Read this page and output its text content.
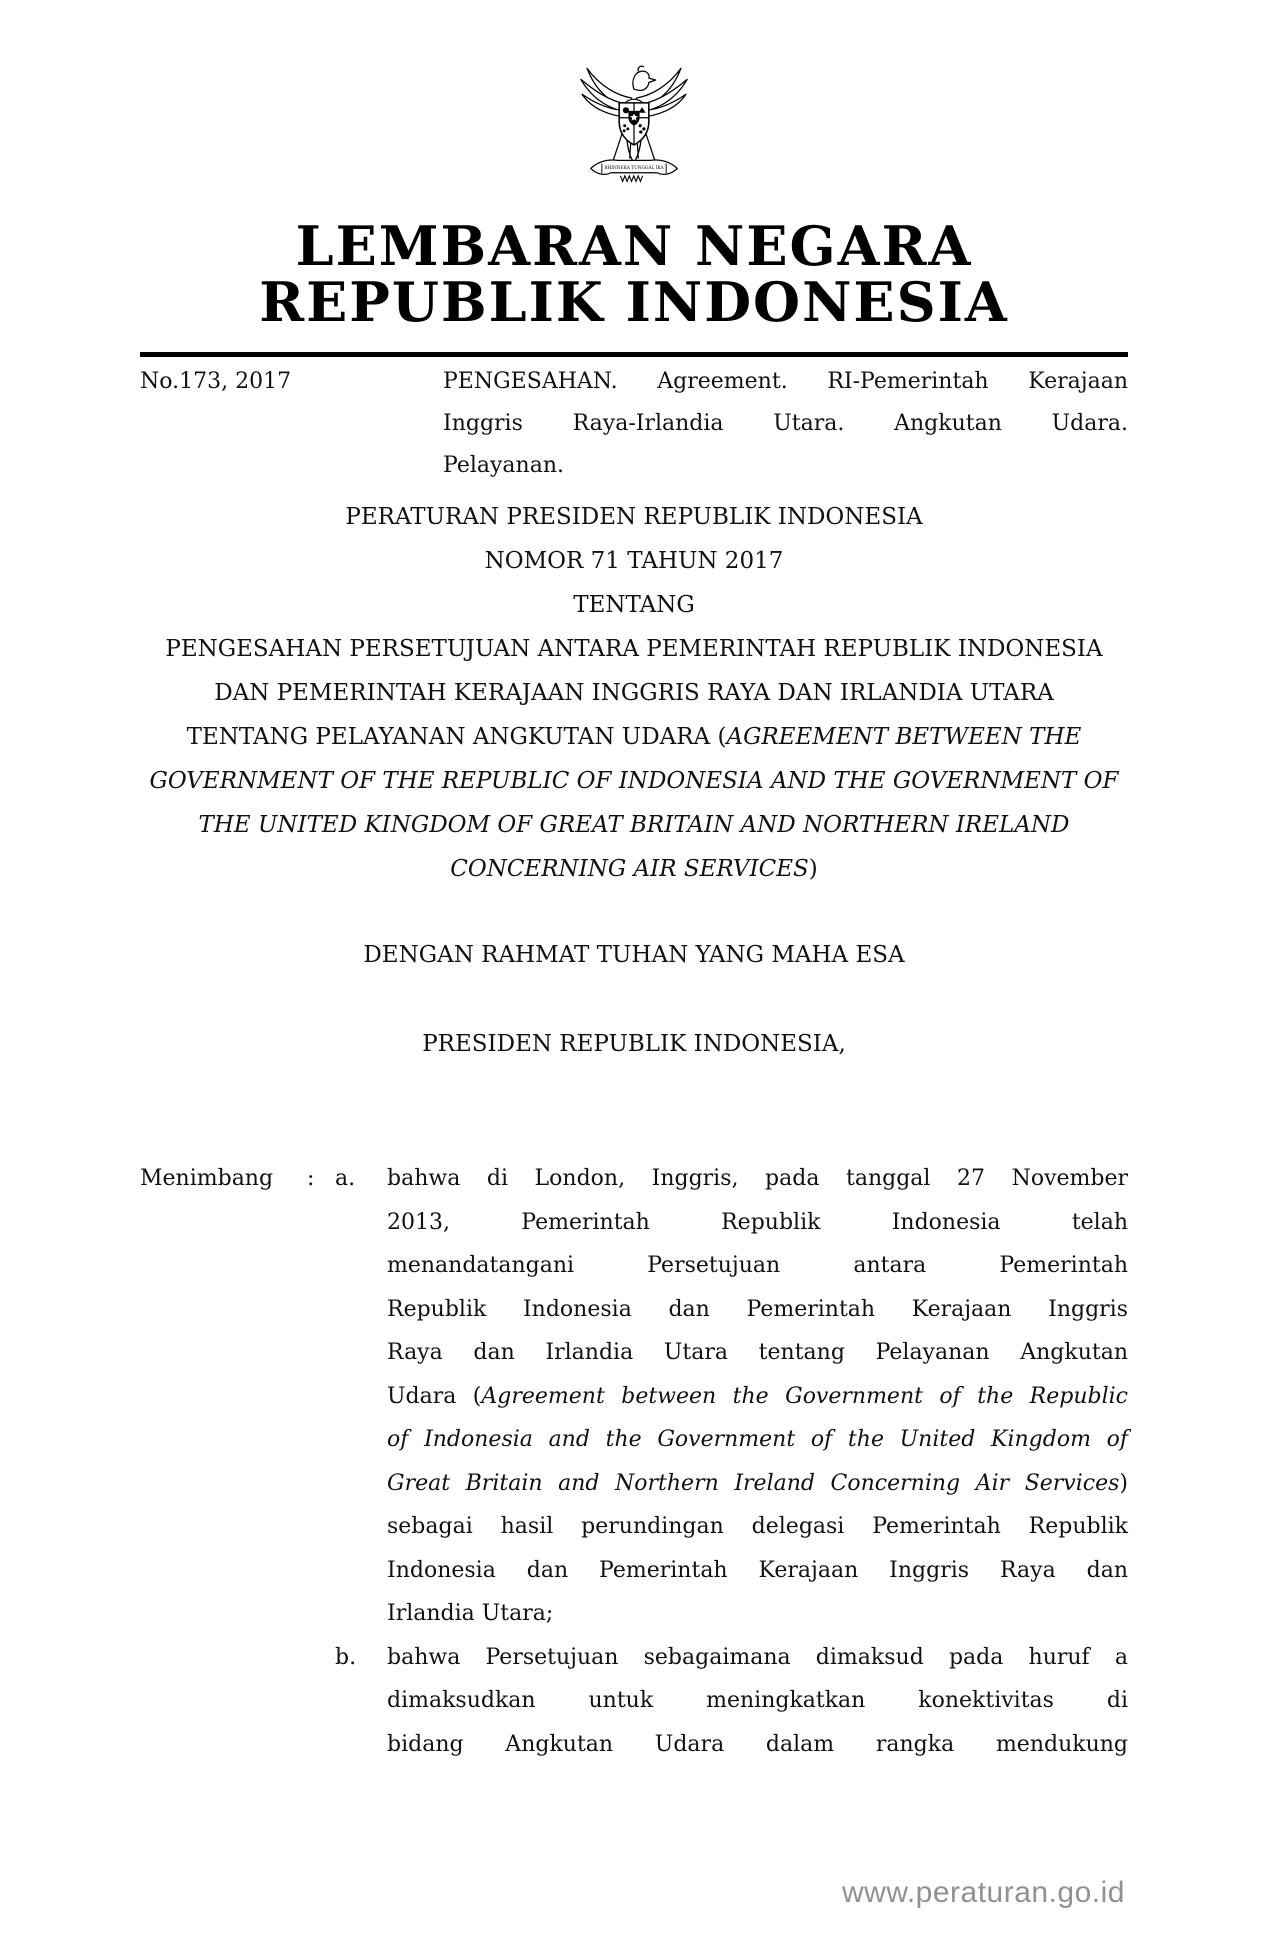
BHINNEKA TUNGGAL IKA
LEMBARAN NEGARA
REPUBLIK INDONESIA
No.173, 2017	PENGESAHAN. Agreement. RI-Pemerintah Kerajaan
Inggris Raya-Irlandia Utara. Angkutan Udara.
Pelayanan.
PERATURAN PRESIDEN REPUBLIK INDONESIA
NOMOR 71 TAHUN 2017
TENTANG
PENGESAHAN PERSETUJUAN ANTARA PEMERINTAH REPUBLIK INDONESIA
DAN PEMERINTAH KERAJAAN INGGRIS RAYA DAN IRLANDIA UTARA
TENTANG PELAYANAN ANGKUTAN UDARA (AGREEMENT BETWEEN THE
GOVERNMENT OF THE REPUBLIC OF INDONESIA AND THE GOVERNMENT OF
THE UNITED KINGDOM OF GREAT BRITAIN AND NORTHERN IRELAND
CONCERNING AIR SERVICES)
DENGAN RAHMAT TUHAN YANG MAHA ESA
PRESIDEN REPUBLIK INDONESIA,
Menimbang	: a.	bahwa di London, Inggris, pada tanggal 27 November
2013, Pemerintah Republik Indonesia telah
menandatangani Persetujuan antara Pemerintah
Republik Indonesia dan Pemerintah Kerajaan Inggris
Raya dan Irlandia Utara tentang Pelayanan Angkutan
Udara (Agreement between the Government of the Republic
of Indonesia and the Government of the United Kingdom of
Great Britain and Northern Ireland Concerning Air Services)
sebagai hasil perundingan delegasi Pemerintah Republik
Indonesia dan Pemerintah Kerajaan Inggris Raya dan
Irlandia Utara;
b.	bahwa Persetujuan sebagaimana dimaksud pada huruf a
dimaksudkan untuk meningkatkan konektivitas di
bidang Angkutan Udara dalam rangka mendukung
www.peraturan.go.id
